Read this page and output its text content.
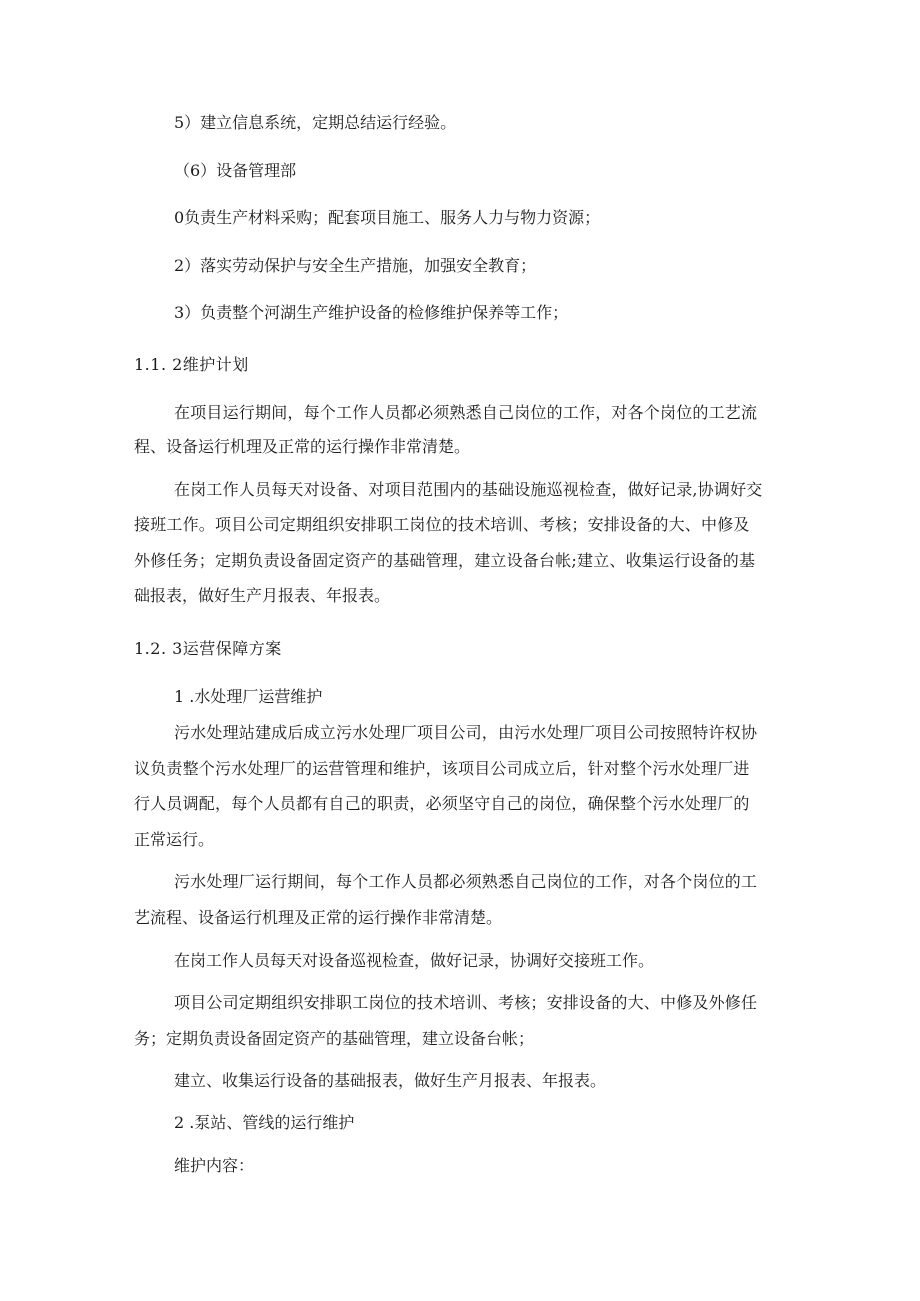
5）建立信息系统，定期总结运行经验。

（6）设备管理部

0负责生产材料采购；配套项目施工、服务人力与物力资源；

2）落实劳动保护与安全生产措施，加强安全教育；

3）负责整个河湖生产维护设备的检修维护保养等工作；

1.1. 2维护计划

在项目运行期间，每个工作人员都必须熟悉自己岗位的工作，对各个岗位的工艺流

程、设备运行机理及正常的运行操作非常清楚。

在岗工作人员每天对设备、对项目范围内的基础设施巡视检查，做好记录,协调好交

接班工作。项目公司定期组织安排职工岗位的技术培训、考核；安排设备的大、中修及

外修任务；定期负责设备固定资产的基础管理，建立设备台帐;建立、收集运行设备的基

础报表，做好生产月报表、年报表。

1.2. 3运营保障方案

1 .水处理厂运营维护

污水处理站建成后成立污水处理厂项目公司，由污水处理厂项目公司按照特许权协

议负责整个污水处理厂的运营管理和维护，该项目公司成立后，针对整个污水处理厂进

行人员调配，每个人员都有自己的职责，必须坚守自己的岗位，确保整个污水处理厂的

正常运行。

污水处理厂运行期间，每个工作人员都必须熟悉自己岗位的工作，对各个岗位的工

艺流程、设备运行机理及正常的运行操作非常清楚。

在岗工作人员每天对设备巡视检查，做好记录，协调好交接班工作。

项目公司定期组织安排职工岗位的技术培训、考核；安排设备的大、中修及外修任

务；定期负责设备固定资产的基础管理，建立设备台帐；

建立、收集运行设备的基础报表，做好生产月报表、年报表。

2 .泵站、管线的运行维护

维护内容：
